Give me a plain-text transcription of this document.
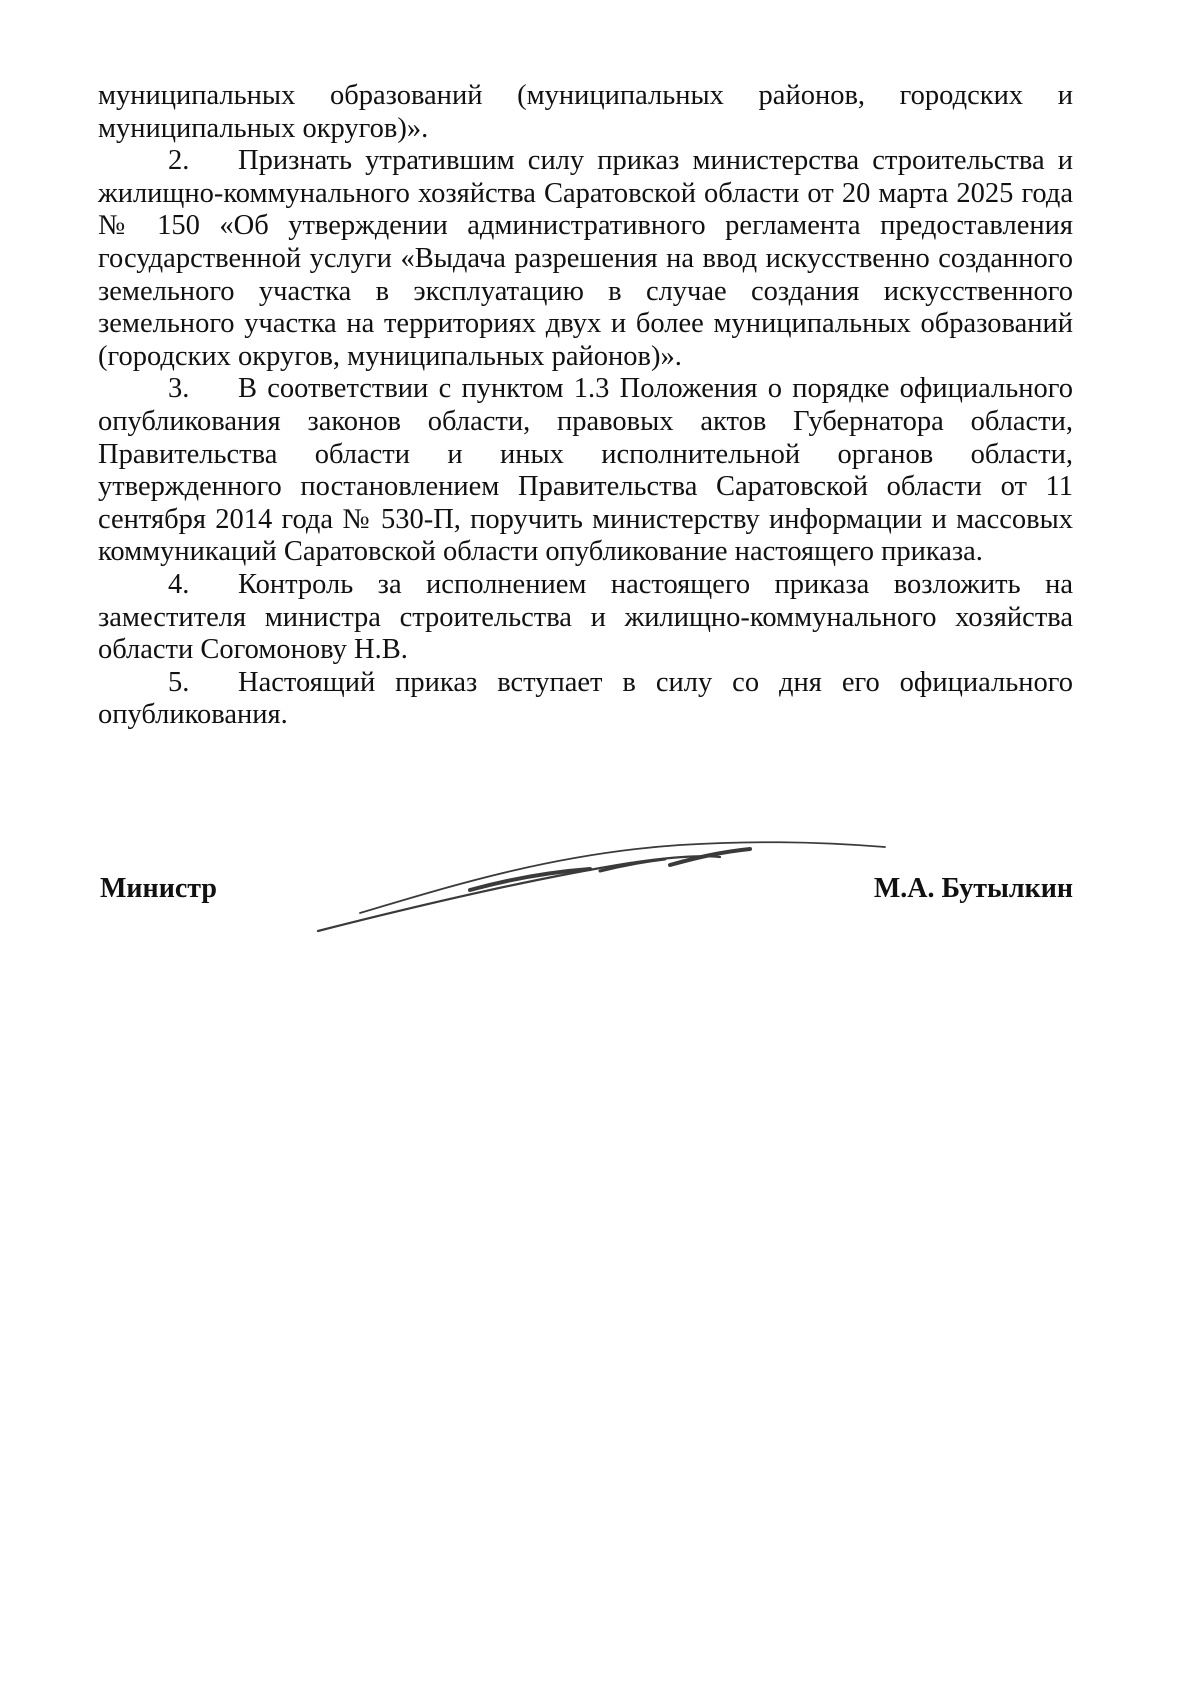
муниципальных образований (муниципальных районов, городских и муниципальных округов)».

2. Признать утратившим силу приказ министерства строительства и жилищно-коммунального хозяйства Саратовской области от 20 марта 2025 года № 150 «Об утверждении административного регламента предоставления государственной услуги «Выдача разрешения на ввод искусственно созданного земельного участка в эксплуатацию в случае создания искусственного земельного участка на территориях двух и более муниципальных образований (городских округов, муниципальных районов)».

3. В соответствии с пунктом 1.3 Положения о порядке официального опубликования законов области, правовых актов Губернатора области, Правительства области и иных исполнительной органов области, утвержденного постановлением Правительства Саратовской области от 11 сентября 2014 года № 530-П, поручить министерству информации и массовых коммуникаций Саратовской области опубликование настоящего приказа.

4. Контроль за исполнением настоящего приказа возложить на заместителя министра строительства и жилищно-коммунального хозяйства области Согомонову Н.В.

5. Настоящий приказ вступает в силу со дня его официального опубликования.

Министр	М.А. Бутылкин
